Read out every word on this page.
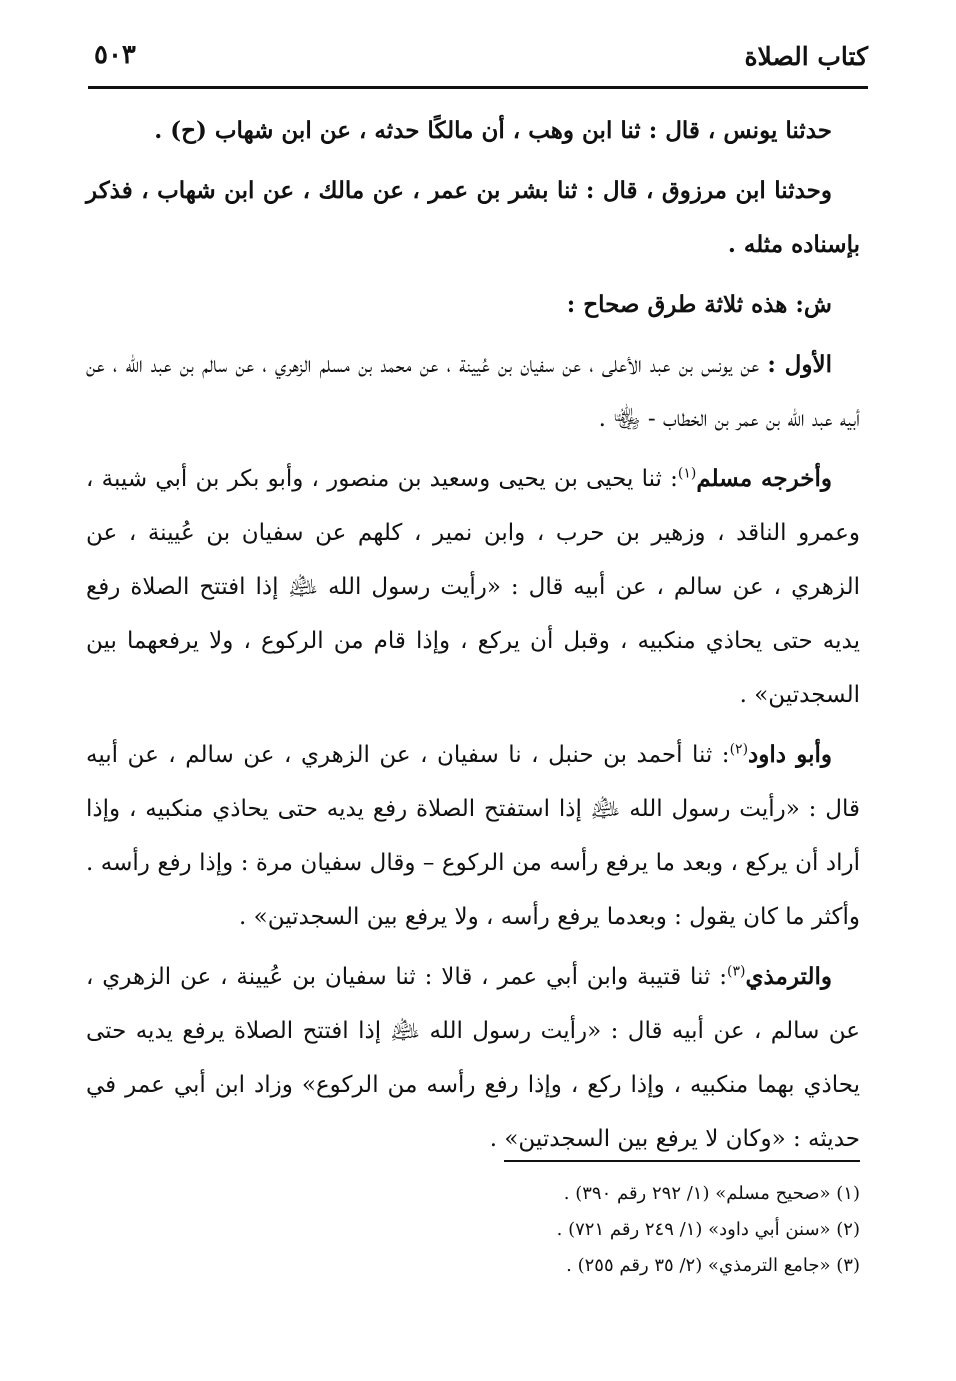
كتاب الصلاة
٥٠٣

حدثنا يونس ، قال : ثنا ابن وهب ، أن مالكًا حدثه ، عن ابن شهاب (ح) .

وحدثنا ابن مرزوق ، قال : ثنا بشر بن عمر ، عن مالك ، عن ابن شهاب ، فذكر بإسناده مثله .

ش: هذه ثلاثة طرق صحاح :

الأول : عن يونس بن عبد الأعلى ، عن سفيان بن عُيينة ، عن محمد بن مسلم الزهري ، عن سالم بن عبد الله ، عن أبيه عبد الله بن عمر بن الخطاب - ﵄ .

وأخرجه مسلم$^{(١)}$: ثنا يحيى بن يحيى وسعيد بن منصور ، وأبو بكر بن أبي شيبة ، وعمرو الناقد ، وزهير بن حرب ، وابن نمير ، كلهم عن سفيان بن عُيينة ، عن الزهري ، عن سالم ، عن أبيه قال : «رأيت رسول الله ﵇ إذا افتتح الصلاة رفع يديه حتى يحاذي منكبيه ، وقبل أن يركع ، وإذا قام من الركوع ، ولا يرفعهما بين السجدتين» .

وأبو داود$^{(٢)}$: ثنا أحمد بن حنبل ، نا سفيان ، عن الزهري ، عن سالم ، عن أبيه قال : «رأيت رسول الله ﵇ إذا استفتح الصلاة رفع يديه حتى يحاذي منكبيه ، وإذا أراد أن يركع ، وبعد ما يرفع رأسه من الركوع – وقال سفيان مرة : وإذا رفع رأسه . وأكثر ما كان يقول : وبعدما يرفع رأسه ، ولا يرفع بين السجدتين» .

والترمذي$^{(٣)}$: ثنا قتيبة وابن أبي عمر ، قالا : ثنا سفيان بن عُيينة ، عن الزهري ، عن سالم ، عن أبيه قال : «رأيت رسول الله ﵇ إذا افتتح الصلاة يرفع يديه حتى يحاذي بهما منكبيه ، وإذا ركع ، وإذا رفع رأسه من الركوع» وزاد ابن أبي عمر في حديثه : «وكان لا يرفع بين السجدتين» .

(١) «صحيح مسلم» (١/ ٢٩٢ رقم ٣٩٠) .
(٢) «سنن أبي داود» (١/ ٢٤٩ رقم ٧٢١) .
(٣) «جامع الترمذي» (٢/ ٣٥ رقم ٢٥٥) .
